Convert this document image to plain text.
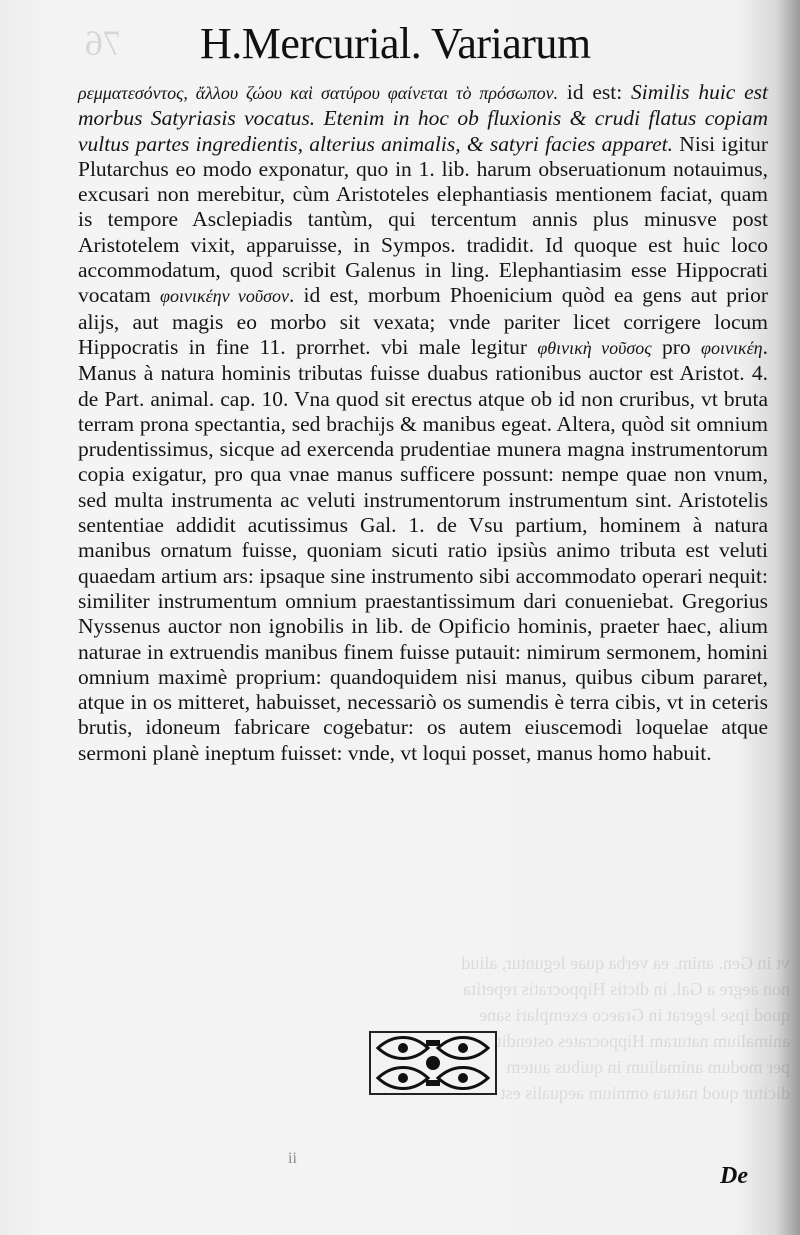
vt in Gen. anim. ea verba quae leguntur, aliud
non aegre a Gal. in dictis Hippocratis repetita
quod ipse legerat in Graeco exemplari sane
animalium naturam Hippocrates ostendit
per modum animalium in quibus autem
dicitur quod natura omnium aequalis est
76 H.Mercurial. Variarum

ρεμματεσόντος, ἄλλου ζώου καὶ σατύρου φαίνεται τὸ πρόσωπον. id est: Similis huic est morbus Satyriasis vocatus. Etenim in hoc ob fluxionis & crudi flatus copiam vultus partes ingredientis, alterius animalis, & satyri facies apparet. Nisi igitur Plutarchus eo modo exponatur, quo in 1. lib. harum obseruationum notauimus, excusari non merebitur, cùm Aristoteles elephantiasis mentionem faciat, quam is tempore Asclepiadis tantùm, qui tercentum annis plus minusve post Aristotelem vixit, apparuisse, in Sympos. tradidit. Id quoque est huic loco accommodatum, quod scribit Galenus in ling. Elephantiasim esse Hippocrati vocatam φοινικέην νοῦσον. id est, morbum Phoenicium quòd ea gens aut prior alijs, aut magis eo morbo sit vexata; vnde pariter licet corrigere locum Hippocratis in fine 11. prorrhet. vbi male legitur φθινικὴ νοῦσος pro φοινικέη. Manus à natura hominis tributas fuisse duabus rationibus auctor est Aristot. 4. de Part. animal. cap. 10. Vna quod sit erectus atque ob id non cruribus, vt bruta terram prona spectantia, sed brachijs & manibus egeat. Altera, quòd sit omnium prudentissimus, sicque ad exercenda prudentiae munera magna instrumentorum copia exigatur, pro qua vnae manus sufficere possunt: nempe quae non vnum, sed multa instrumenta ac veluti instrumentorum instrumentum sint. Aristotelis sententiae addidit acutissimus Gal. 1. de Vsu partium, hominem à natura manibus ornatum fuisse, quoniam sicuti ratio ipsiùs animo tributa est veluti quaedam artium ars: ipsaque sine instrumento sibi accommodato operari nequit: similiter instrumentum omnium praestantissimum dari conueniebat. Gregorius Nyssenus auctor non ignobilis in lib. de Opificio hominis, praeter haec, alium naturae in extruendis manibus finem fuisse putauit: nimirum sermonem, homini omnium maximè proprium: quandoquidem nisi manus, quibus cibum pararet, atque in os mitteret, habuisset, necessariò os sumendis è terra cibis, vt in ceteris brutis, idoneum fabricare cogebatur: os autem eiuscemodi loquelae atque sermoni planè ineptum fuisset: vnde, vt loqui posset, manus homo habuit.

ii
De
